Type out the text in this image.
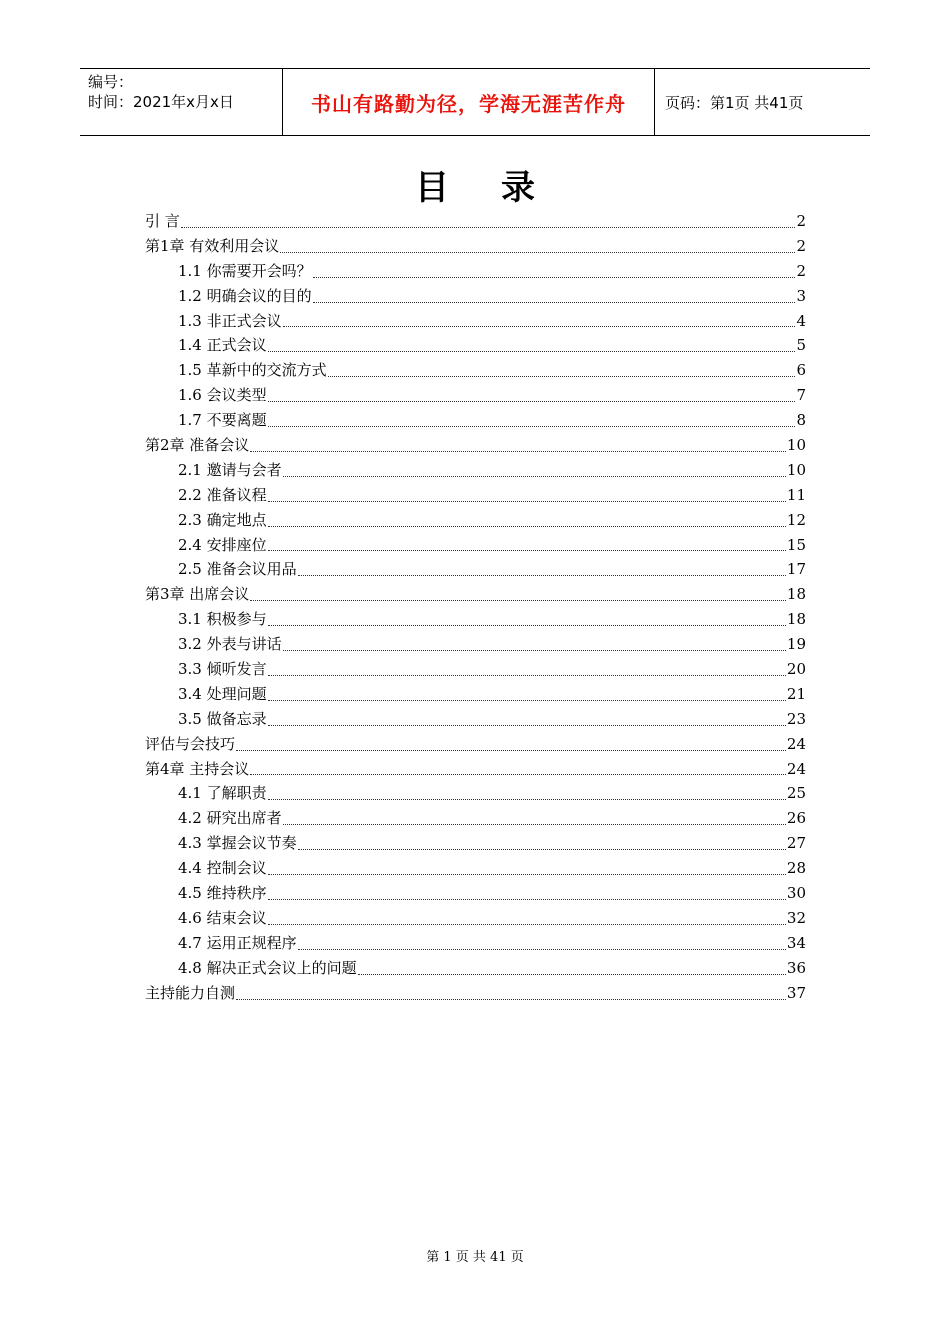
编号：
时间：2021年x月x日	书山有路勤为径，学海无涯苦作舟	页码：第1页 共41页
目录
引 言	2
第1章 有效利用会议	2
1.1 你需要开会吗？	2
1.2 明确会议的目的	3
1.3 非正式会议	4
1.4 正式会议	5
1.5 革新中的交流方式	6
1.6 会议类型	7
1.7 不要离题	8
第2章 准备会议	10
2.1 邀请与会者	10
2.2 准备议程	11
2.3 确定地点	12
2.4 安排座位	15
2.5 准备会议用品	17
第3章 出席会议	18
3.1 积极参与	18
3.2 外表与讲话	19
3.3 倾听发言	20
3.4 处理问题	21
3.5 做备忘录	23
评估与会技巧	24
第4章 主持会议	24
4.1 了解职责	25
4.2 研究出席者	26
4.3 掌握会议节奏	27
4.4 控制会议	28
4.5 维持秩序	30
4.6 结束会议	32
4.7 运用正规程序	34
4.8 解决正式会议上的问题	36
主持能力自测	37
第 1 页 共 41 页
